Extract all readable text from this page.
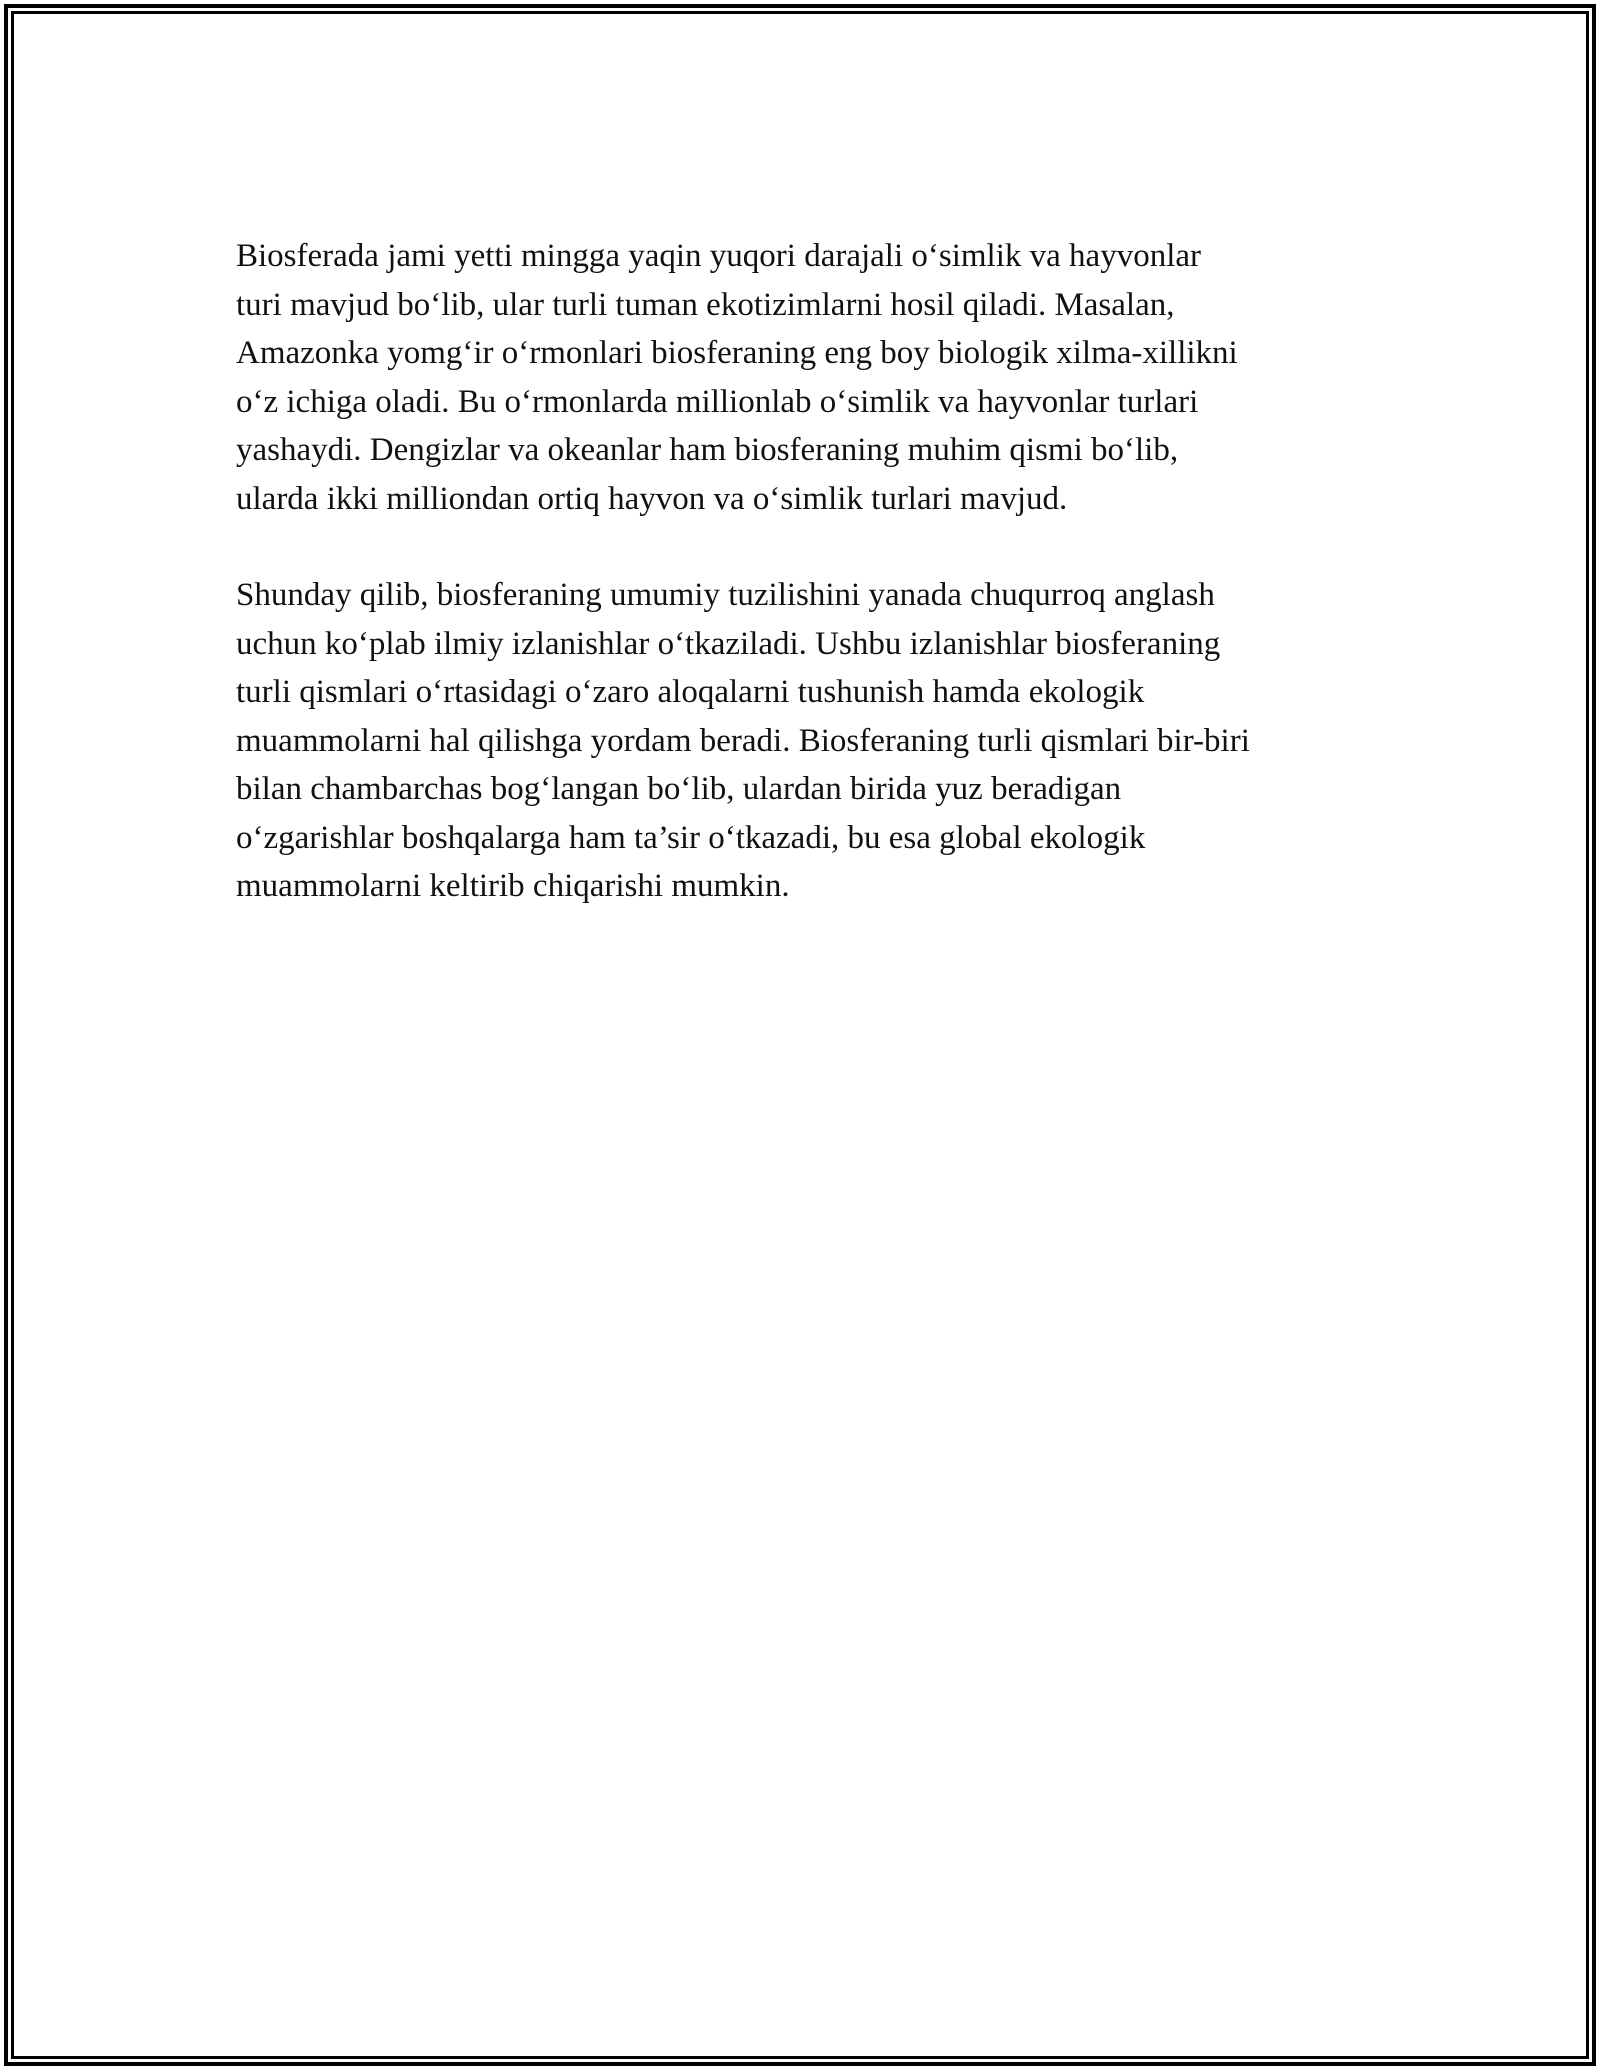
Biosferada jami yetti mingga yaqin yuqori darajali o‘simlik va hayvonlar
turi mavjud bo‘lib, ular turli tuman ekotizimlarni hosil qiladi. Masalan,
Amazonka yomg‘ir o‘rmonlari biosferaning eng boy biologik xilma-xillikni
o‘z ichiga oladi. Bu o‘rmonlarda millionlab o‘simlik va hayvonlar turlari
yashaydi. Dengizlar va okeanlar ham biosferaning muhim qismi bo‘lib,
ularda ikki milliondan ortiq hayvon va o‘simlik turlari mavjud.

Shunday qilib, biosferaning umumiy tuzilishini yanada chuqurroq anglash
uchun ko‘plab ilmiy izlanishlar o‘tkaziladi. Ushbu izlanishlar biosferaning
turli qismlari o‘rtasidagi o‘zaro aloqalarni tushunish hamda ekologik
muammolarni hal qilishga yordam beradi. Biosferaning turli qismlari bir-biri
bilan chambarchas bog‘langan bo‘lib, ulardan birida yuz beradigan
o‘zgarishlar boshqalarga ham ta’sir o‘tkazadi, bu esa global ekologik
muammolarni keltirib chiqarishi mumkin.
